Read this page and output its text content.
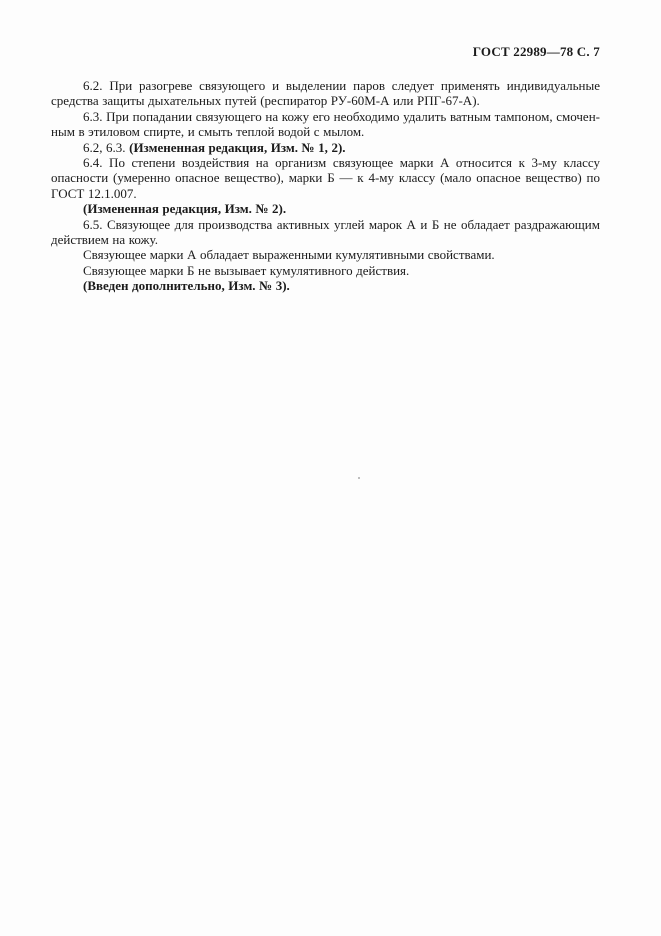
ГОСТ 22989—78 С. 7

6.2. При разогреве связующего и выделении паров следует применять индивидуальные средства защиты дыхательных путей (респиратор РУ-60М-А или РПГ-67-А).

6.3. При попадании связующего на кожу его необходимо удалить ватным тампоном, смоченным в этиловом спирте, и смыть теплой водой с мылом.

6.2, 6.3. (Измененная редакция, Изм. № 1, 2).

6.4. По степени воздействия на организм связующее марки А относится к 3-му классу опасности (умеренно опасное вещество), марки Б — к 4-му классу (мало опасное вещество) по ГОСТ 12.1.007.

(Измененная редакция, Изм. № 2).

6.5. Связующее для производства активных углей марок А и Б не обладает раздражающим действием на кожу.

Связующее марки А обладает выраженными кумулятивными свойствами.

Связующее марки Б не вызывает кумулятивного действия.

(Введен дополнительно, Изм. № 3).
